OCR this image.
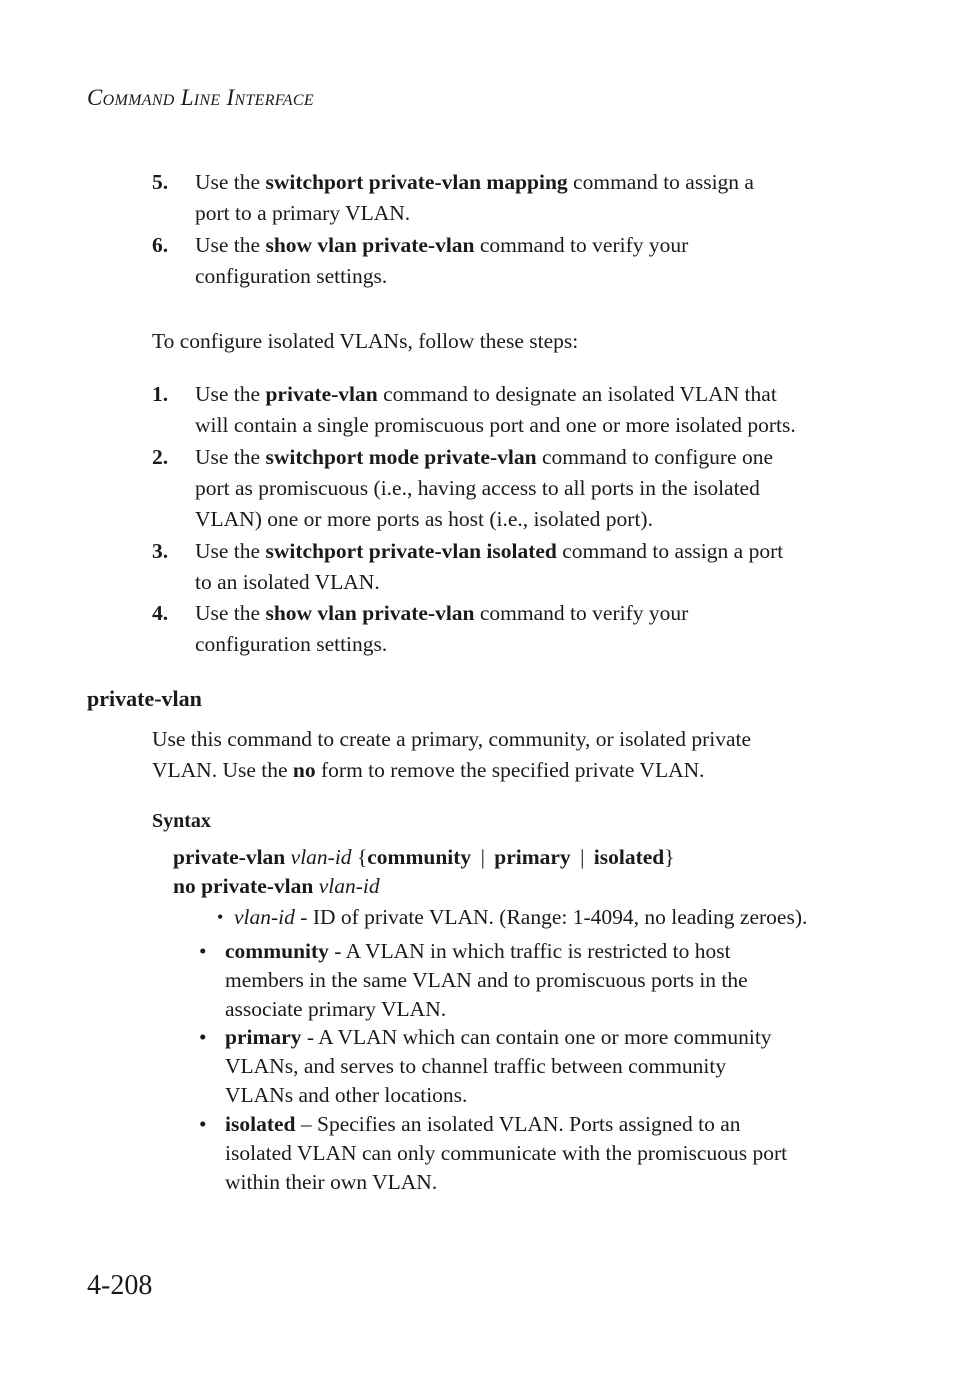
Command Line Interface
5. Use the switchport private-vlan mapping command to assign a
port to a primary VLAN.
6. Use the show vlan private-vlan command to verify your
configuration settings.
To configure isolated VLANs, follow these steps:
1. Use the private-vlan command to designate an isolated VLAN that
will contain a single promiscuous port and one or more isolated ports.
2. Use the switchport mode private-vlan command to configure one
port as promiscuous (i.e., having access to all ports in the isolated
VLAN) one or more ports as host (i.e., isolated port).
3. Use the switchport private-vlan isolated command to assign a port
to an isolated VLAN.
4. Use the show vlan private-vlan command to verify your
configuration settings.
private-vlan
Use this command to create a primary, community, or isolated private
VLAN. Use the no form to remove the specified private VLAN.
Syntax
private-vlan vlan-id {community | primary | isolated}
no private-vlan vlan-id
• vlan-id - ID of private VLAN. (Range: 1-4094, no leading zeroes).
• community - A VLAN in which traffic is restricted to host
members in the same VLAN and to promiscuous ports in the
associate primary VLAN.
• primary - A VLAN which can contain one or more community
VLANs, and serves to channel traffic between community
VLANs and other locations.
• isolated – Specifies an isolated VLAN. Ports assigned to an
isolated VLAN can only communicate with the promiscuous port
within their own VLAN.
4-208
